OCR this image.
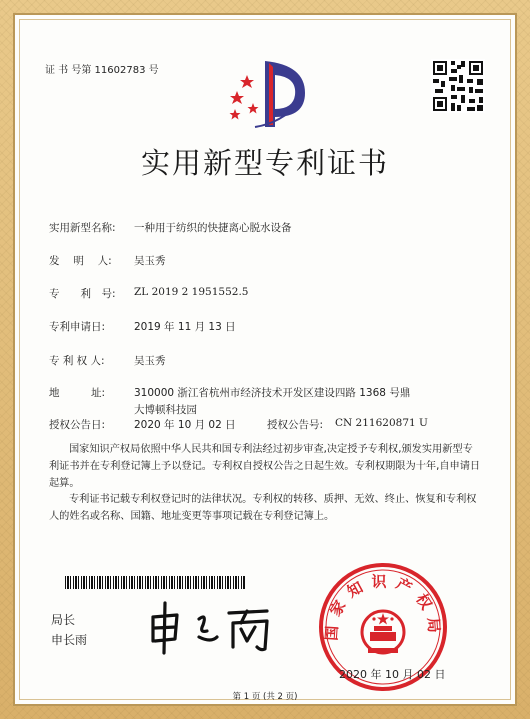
证 书 号第 11602783 号
实用新型专利证书
实用新型名称: 一种用于纺织的快捷离心脱水设备
发　 明　 人: 吴玉秀
专　　利　号: ZL 2019 2 1951552.5
专利申请日:	2019 年 11 月 13 日
专 利 权 人:	吴玉秀
地　　　址:	310000 浙江省杭州市经济技术开发区建设四路 1368 号鼎
大博顿科技园
授权公告日:	2020 年 10 月 02 日	授权公告号: CN 211620871 U
国家知识产权局依照中华人民共和国专利法经过初步审查,决定授予专利权,颁发实用新型专利证书并在专利登记簿上予以登记。专利权自授权公告之日起生效。专利权期限为十年,自申请日起算。
专利证书记载专利权登记时的法律状况。专利权的转移、质押、无效、终止、恢复和专利权人的姓名或名称、国籍、地址变更等事项记载在专利登记簿上。
局长
申长雨	国家知识产权局
2020 年 10 月 02 日
第 1 页 (共 2 页)
